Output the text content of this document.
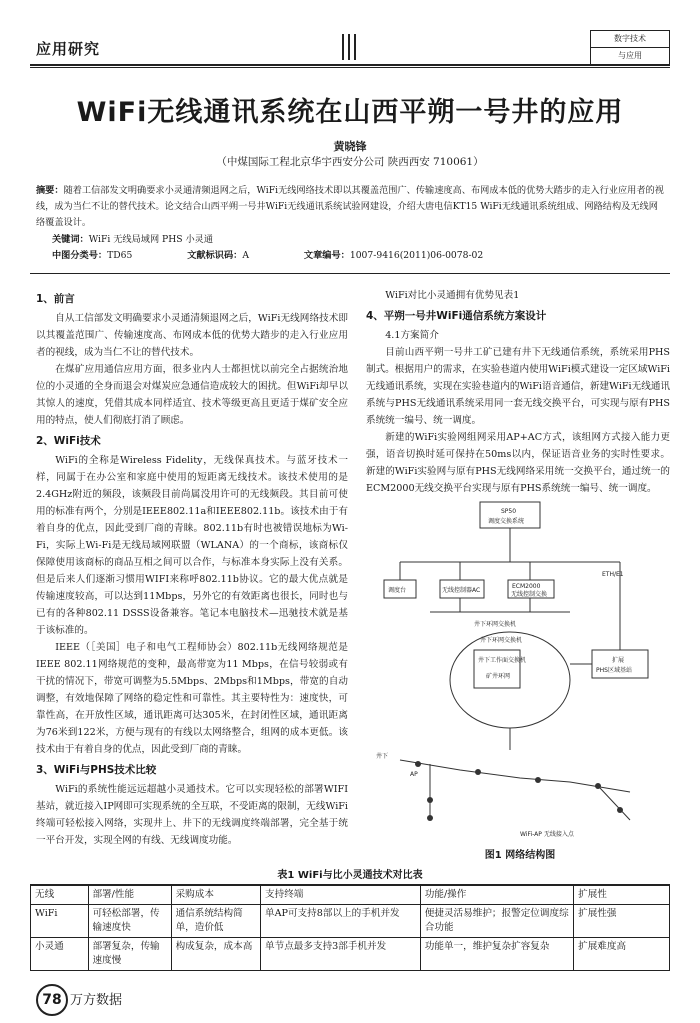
应用研究
数字技术
与应用
WiFi无线通讯系统在山西平朔一号井的应用
黄晓锋
（中煤国际工程北京华宇西安分公司 陕西西安 710061）
摘要：随着工信部发文明确要求小灵通清频退网之后，WiFi无线网络技术即以其覆盖范围广、传输速度高、布网成本低的优势大踏步的走入行业应用者的视线，成为当仁不让的替代技术。论文结合山西平朔一号井WiFi无线通讯系统试验网建设，介绍大唐电信KT15 WiFi无线通讯系统组成、网路结构及无线网络覆盖设计。
关键词：WiFi 无线局域网 PHS 小灵通
中图分类号：TD65	文献标识码：A	文章编号：1007-9416(2011)06-0078-02
1、前言

自从工信部发文明确要求小灵通清频退网之后，WiFi无线网络技术即以其覆盖范围广、传输速度高、布网成本低的优势大踏步的走入行业应用者的视线，成为当仁不让的替代技术。

在煤矿应用通信应用方面，很多业内人士都担忧以前完全占据统治地位的小灵通的全身而退会对煤炭应急通信造成较大的困扰。但WiFi却早以其惊人的速度，凭借其成本同样适宜、技术等级更高且更适于煤矿安全应用的特点，使人们彻底打消了顾虑。

2、WiFi技术

WiFi的全称是Wireless Fidelity，无线保真技术。与蓝牙技术一样，同属于在办公室和家庭中使用的短距离无线技术。该技术使用的是2.4GHz附近的频段，该频段目前尚属没用许可的无线频段。其目前可使用的标准有两个，分别是IEEE802.11a和IEEE802.11b。该技术由于有着自身的优点，因此受到厂商的青睐。802.11b有时也被错误地标为Wi-Fi，实际上Wi-Fi是无线局域网联盟（WLANA）的一个商标，该商标仅保障使用该商标的商品互相之间可以合作，与标准本身实际上没有关系。但是后来人们逐渐习惯用WIFI来称呼802.11b协议。它的最大优点就是传输速度较高，可以达到11Mbps，另外它的有效距离也很长，同时也与已有的各种802.11 DSSS设备兼容。笔记本电脑技术—迅驰技术就是基于该标准的。

IEEE（［美国］电子和电气工程师协会）802.11b无线网络规范是IEEE 802.11网络规范的变种，最高带宽为11 Mbps，在信号较弱或有干扰的情况下，带宽可调整为5.5Mbps、2Mbps和1Mbps，带宽的自动调整，有效地保障了网络的稳定性和可靠性。其主要特性为：速度快，可靠性高，在开放性区域，通讯距离可达305米，在封闭性区域，通讯距离为76米到122米，方便与现有的有线以太网络整合，组网的成本更低。该技术由于有着自身的优点，因此受到厂商的青睐。

3、WiFi与PHS技术比较

WiFi的系统性能远远超越小灵通技术。它可以实现轻松的部署WIFI基站，就近接入IP网即可实现系统的全互联，不受距离的限制，无线WiFi终端可轻松接入网络，实现井上、井下的无线调度终端部署，完全基于统一平台开发，实现全网的有线、无线调度功能。

WiFi对比小灵通拥有优势见表1

4、平朔一号井WiFi通信系统方案设计
4.1方案简介

目前山西平朔一号井工矿已建有井下无线通信系统，系统采用PHS制式。根据用户的需求，在实验巷道内使用WiFi模式建设一定区域WiFi无线通讯系统，实现在实验巷道内的WiFi语音通信，新建WiFi无线通讯系统与PHS无线通讯系统采用同一套无线交换平台，可实现与原有PHS系统统一编号、统一调度。

新建的WiFi实验网组网采用AP+AC方式，该组网方式接入能力更强，语音切换时延可保持在50ms以内，保证语音业务的实时性要求。新建的WiFi实验网与原有PHS无线网络采用统一交换平台，通过统一的ECM2000无线交换平台实现与原有PHS系统统一编号、统一调度。

SP50
调度交换系统
调度台	无线控制器AC
ECM2000
无线控制交换
ETH/E1
井下环网交换机
井下环网交换机
井下工作面交换机
矿井环网
扩展
PHS区域基站
井下
AP
WiFi-AP 无线接入点
图1 网络结构图
表1 WiFi与比小灵通技术对比表
无线	部署/性能	采购成本	支持终端	功能/操作	扩展性
WiFi	可轻松部署，传输速度快	通信系统结构简单，造价低	单AP可支持8部以上的手机并发	便捷灵活易维护；报警定位调度综合功能	扩展性强
小灵通	部署复杂，传输速度慢	构成复杂，成本高	单节点最多支持3部手机并发	功能单一，维护复杂扩容复杂	扩展难度高
78 万方数据
